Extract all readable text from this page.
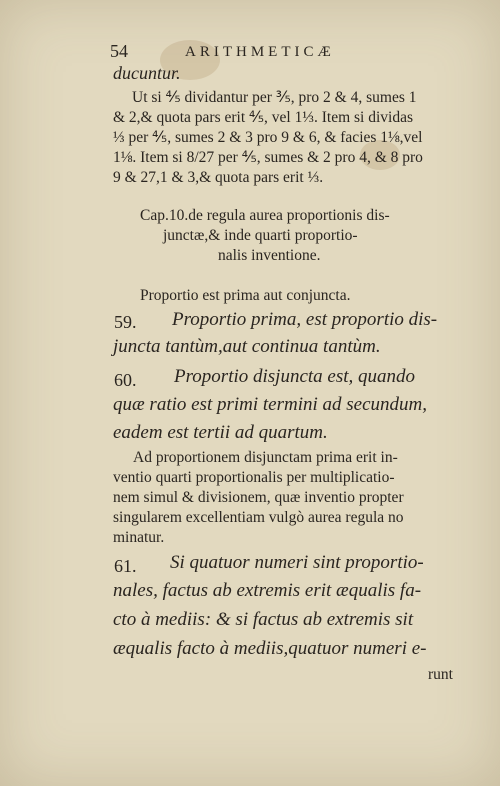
54	ARITHMETICÆ
ducuntur.
Ut si ⅘ dividantur per ⅗, pro 2 & 4, sumes 1
& 2,& quota pars erit ⅘, vel 1⅓. Item si dividas
⅓ per ⅘, sumes 2 & 3 pro 9 & 6, & facies 1⅛,vel
1⅛. Item si 8/27 per ⅘, sumes & 2 pro 4, & 8 pro
9 & 27,1 & 3,& quota pars erit ⅓.
Cap.10.de regula aurea proportionis dis-
junctæ,& inde quarti proportio-
nalis inventione.
Proportio est prima aut conjuncta.
59. Proportio prima, est proportio dis-
juncta tantùm,aut continua tantùm.
60. Proportio disjuncta est, quando
quæ ratio est primi termini ad secundum,
eadem est tertii ad quartum.
Ad proportionem disjunctam prima erit in-
ventio quarti proportionalis per multiplicatio-
nem simul & divisionem, quæ inventio propter
singularem excellentiam vulgò aurea regula no
minatur.
61. Si quatuor numeri sint proportio-
nales, factus ab extremis erit æqualis fa-
cto à mediis: & si factus ab extremis sit
æqualis facto à mediis,quatuor numeri e-
runt
